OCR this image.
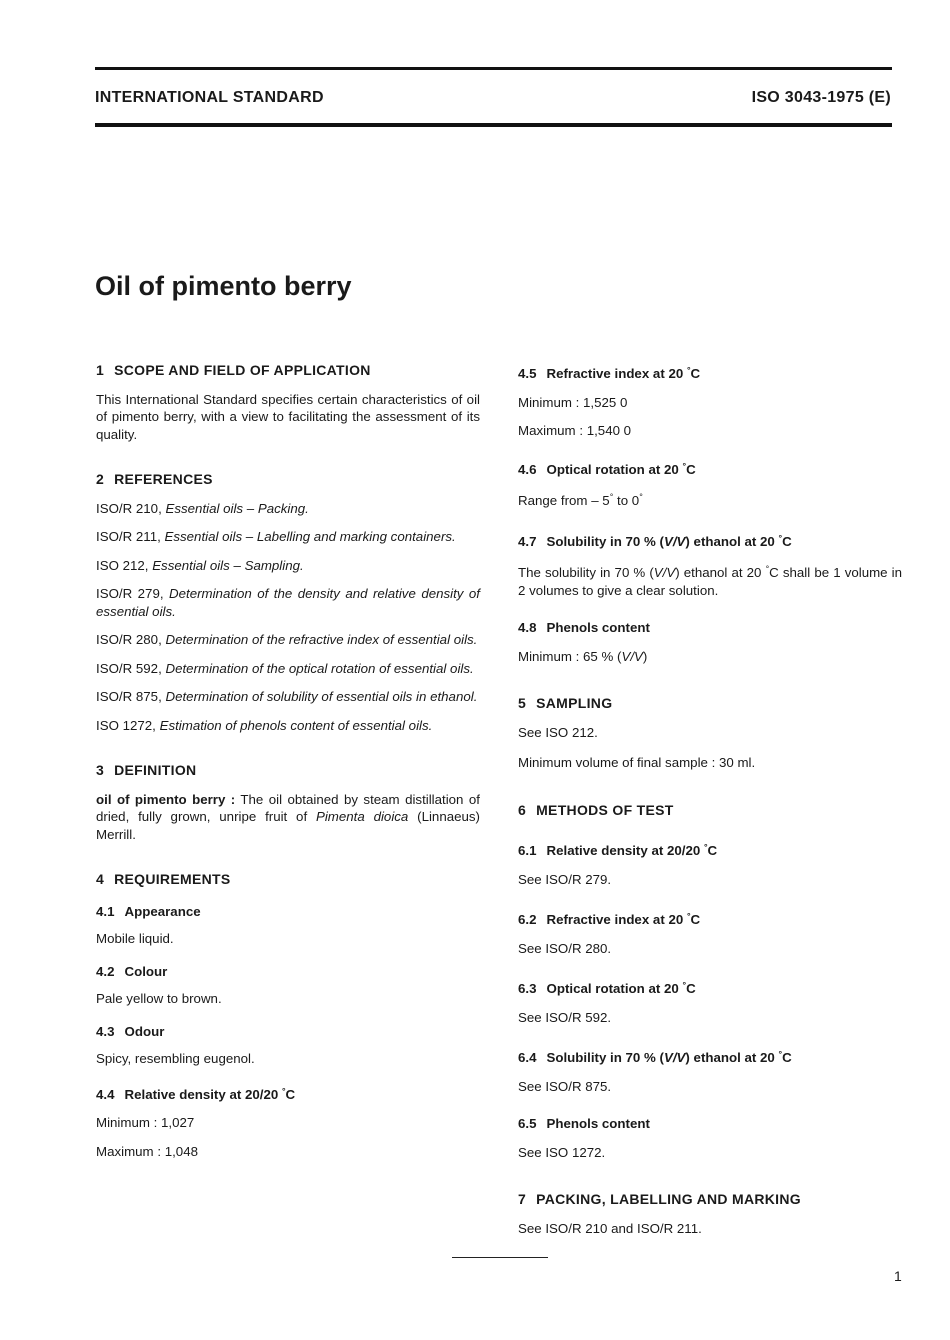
INTERNATIONAL STANDARD	ISO 3043-1975 (E)
Oil of pimento berry

1 SCOPE AND FIELD OF APPLICATION

This International Standard specifies certain characteristics of oil of pimento berry, with a view to facilitating the assessment of its quality.

2 REFERENCES

ISO/R 210, Essential oils – Packing.

ISO/R 211, Essential oils – Labelling and marking containers.

ISO 212, Essential oils – Sampling.

ISO/R 279, Determination of the density and relative density of essential oils.

ISO/R 280, Determination of the refractive index of essential oils.

ISO/R 592, Determination of the optical rotation of essential oils.

ISO/R 875, Determination of solubility of essential oils in ethanol.

ISO 1272, Estimation of phenols content of essential oils.

3 DEFINITION

oil of pimento berry : The oil obtained by steam distillation of dried, fully grown, unripe fruit of Pimenta dioica (Linnaeus) Merrill.

4 REQUIREMENTS

4.1 Appearance

Mobile liquid.

4.2 Colour

Pale yellow to brown.

4.3 Odour

Spicy, resembling eugenol.

4.4 Relative density at 20/20 °C

Minimum : 1,027

Maximum : 1,048

4.5 Refractive index at 20 °C

Minimum : 1,525 0

Maximum : 1,540 0

4.6 Optical rotation at 20 °C

Range from – 5° to 0°

4.7 Solubility in 70 % (V/V) ethanol at 20 °C

The solubility in 70 % (V/V) ethanol at 20 °C shall be 1 volume in 2 volumes to give a clear solution.

4.8 Phenols content

Minimum : 65 % (V/V)

5 SAMPLING

See ISO 212.

Minimum volume of final sample : 30 ml.

6 METHODS OF TEST

6.1 Relative density at 20/20 °C

See ISO/R 279.

6.2 Refractive index at 20 °C

See ISO/R 280.

6.3 Optical rotation at 20 °C

See ISO/R 592.

6.4 Solubility in 70 % (V/V) ethanol at 20 °C

See ISO/R 875.

6.5 Phenols content

See ISO 1272.

7 PACKING, LABELLING AND MARKING

See ISO/R 210 and ISO/R 211.

1
